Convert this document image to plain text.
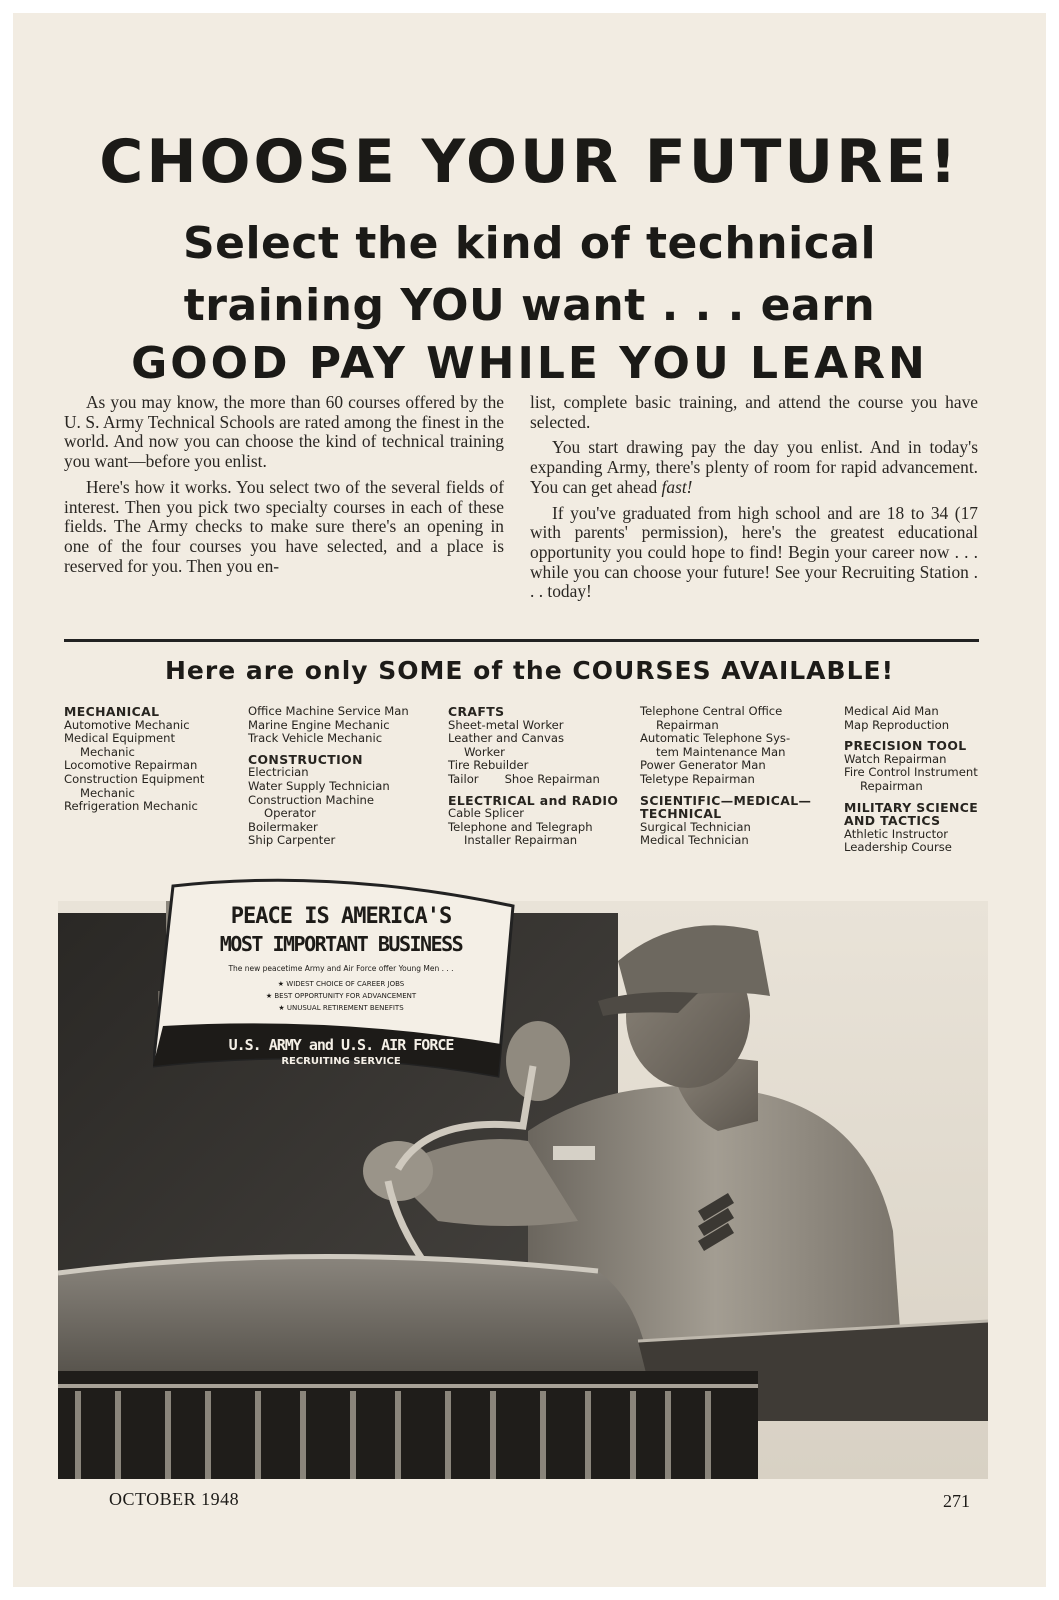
CHOOSE YOUR FUTURE!
Select the kind of technical
training YOU want . . . earn
GOOD PAY WHILE YOU LEARN

As you may know, the more than 60 courses offered by the U. S. Army Technical Schools are rated among the finest in the world. And now you can choose the kind of technical training you want—before you enlist.

Here's how it works. You select two of the several fields of interest. Then you pick two specialty courses in each of these fields. The Army checks to make sure there's an opening in one of the four courses you have selected, and a place is reserved for you. Then you en-

list, complete basic training, and attend the course you have selected.

You start drawing pay the day you enlist. And in today's expanding Army, there's plenty of room for rapid advancement. You can get ahead fast!

If you've graduated from high school and are 18 to 34 (17 with parents' permission), here's the greatest educational opportunity you could hope to find! Begin your career now . . . while you can choose your future! See your Recruiting Station . . . today!

Here are only SOME of the COURSES AVAILABLE!
MECHANICAL
Automotive Mechanic
Medical Equipment
Mechanic
Locomotive Repairman
Construction Equipment
Mechanic
Refrigeration Mechanic
Office Machine Service Man
Marine Engine Mechanic
Track Vehicle Mechanic
CONSTRUCTION
Electrician
Water Supply Technician
Construction Machine
Operator
Boilermaker
Ship Carpenter
CRAFTS
Sheet-metal Worker
Leather and Canvas
Worker
Tire Rebuilder
Tailor Shoe Repairman
ELECTRICAL and RADIO
Cable Splicer
Telephone and Telegraph
Installer Repairman
Telephone Central Office
Repairman
Automatic Telephone Sys-
tem Maintenance Man
Power Generator Man
Teletype Repairman
SCIENTIFIC—MEDICAL—
TECHNICAL
Surgical Technician
Medical Technician
Medical Aid Man
Map Reproduction
PRECISION TOOL
Watch Repairman
Fire Control Instrument
Repairman
MILITARY SCIENCE
AND TACTICS
Athletic Instructor
Leadership Course
PEACE IS AMERICA'S
MOST IMPORTANT BUSINESS
The new peacetime Army and Air Force offer Young Men . . .
★ WIDEST CHOICE OF CAREER JOBS
★ BEST OPPORTUNITY FOR ADVANCEMENT
★ UNUSUAL RETIREMENT BENEFITS
U.S. ARMY and U.S. AIR FORCE
RECRUITING SERVICE
OCTOBER 1948	271
